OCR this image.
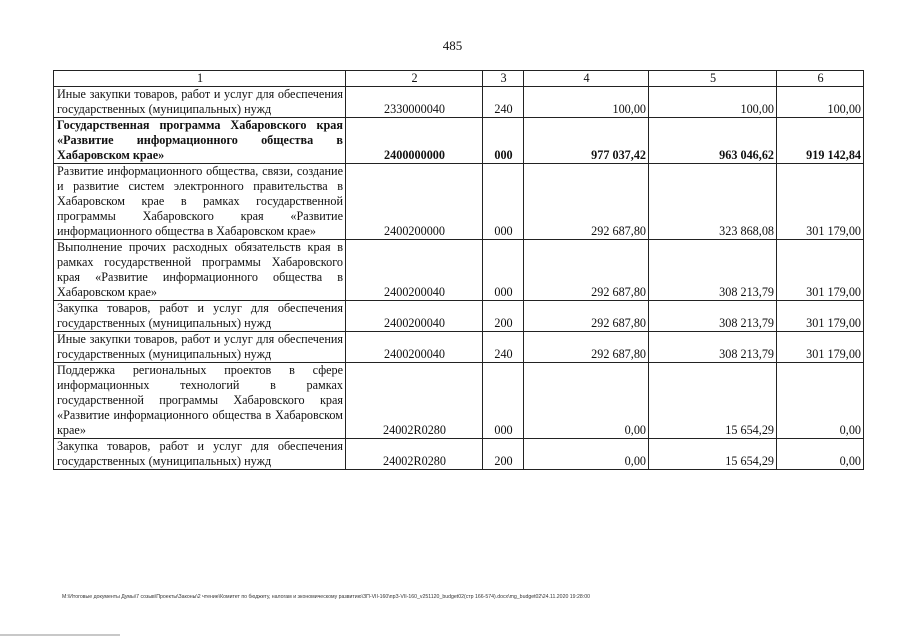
485
1	2	3	4	5	6
Иные закупки товаров, работ и услуг для обеспечения государственных (муниципальных) нужд	2330000040	240	100,00	100,00	100,00
Государственная программа Хабаровского края «Развитие информационного общества в Хабаровском крае»	2400000000	000	977 037,42	963 046,62	919 142,84
Развитие информационного общества, связи, создание и развитие систем электронного правительства в Хабаровском крае в рамках государственной программы Хабаровского края «Развитие информационного общества в Хабаровском крае»	2400200000	000	292 687,80	323 868,08	301 179,00
Выполнение прочих расходных обязательств края в рамках государственной программы Хабаровского края «Развитие информационного общества в Хабаровском крае»	2400200040	000	292 687,80	308 213,79	301 179,00
Закупка товаров, работ и услуг для обеспечения государственных (муниципальных) нужд	2400200040	200	292 687,80	308 213,79	301 179,00
Иные закупки товаров, работ и услуг для обеспечения государственных (муниципальных) нужд	2400200040	240	292 687,80	308 213,79	301 179,00
Поддержка региональных проектов в сфере информационных технологий в рамках государственной программы Хабаровского края «Развитие информационного общества в Хабаровском крае»	24002R0280	000	0,00	15 654,29	0,00
Закупка товаров, работ и услуг для обеспечения государственных (муниципальных) нужд	24002R0280	200	0,00	15 654,29	0,00
M:\Итоговые документы Думы\7 созыв\Проекты\Законы\2 чтение\Комитет по бюджету, налогам и экономическому развитию\ЗП-VII-160\прЗ-VII-160_v251120_budget02(стр 166-574).docx\mg_budget02\24.11.2020 19:28:00
